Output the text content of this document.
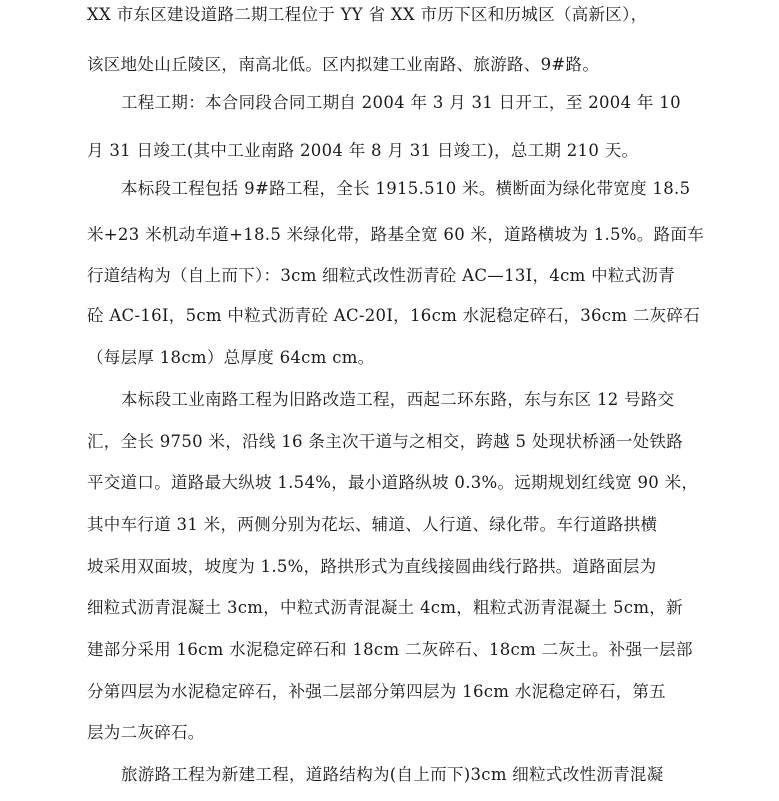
XX 市东区建设道路二期工程位于 YY 省 XX 市历下区和历城区（高新区），
该区地处山丘陵区，南高北低。区内拟建工业南路、旅游路、9#路。
工程工期：本合同段合同工期自 2004 年 3 月 31 日开工，至 2004 年 10
月 31 日竣工(其中工业南路 2004 年 8 月 31 日竣工)，总工期 210 天。
本标段工程包括 9#路工程，全长 1915.510 米。横断面为绿化带宽度 18.5
米+23 米机动车道+18.5 米绿化带，路基全宽 60 米，道路横坡为 1.5%。路面车
行道结构为（自上而下）：3cm 细粒式改性沥青砼 AC—13Ⅰ，4cm 中粒式沥青
砼 AC-16Ⅰ，5cm 中粒式沥青砼 AC-20Ⅰ，16cm 水泥稳定碎石，36cm 二灰碎石
（每层厚 18cm）总厚度 64cm cm。
本标段工业南路工程为旧路改造工程，西起二环东路，东与东区 12 号路交
汇，全长 9750 米，沿线 16 条主次干道与之相交，跨越 5 处现状桥涵一处铁路
平交道口。道路最大纵坡 1.54%，最小道路纵坡 0.3%。远期规划红线宽 90 米，
其中车行道 31 米，两侧分别为花坛、辅道、人行道、绿化带。车行道路拱横
坡采用双面坡，坡度为 1.5%，路拱形式为直线接圆曲线行路拱。道路面层为
细粒式沥青混凝土 3cm，中粒式沥青混凝土 4cm，粗粒式沥青混凝土 5cm，新
建部分采用 16cm 水泥稳定碎石和 18cm 二灰碎石、18cm 二灰土。补强一层部
分第四层为水泥稳定碎石，补强二层部分第四层为 16cm 水泥稳定碎石，第五
层为二灰碎石。
旅游路工程为新建工程，道路结构为(自上而下)3cm 细粒式改性沥青混凝
